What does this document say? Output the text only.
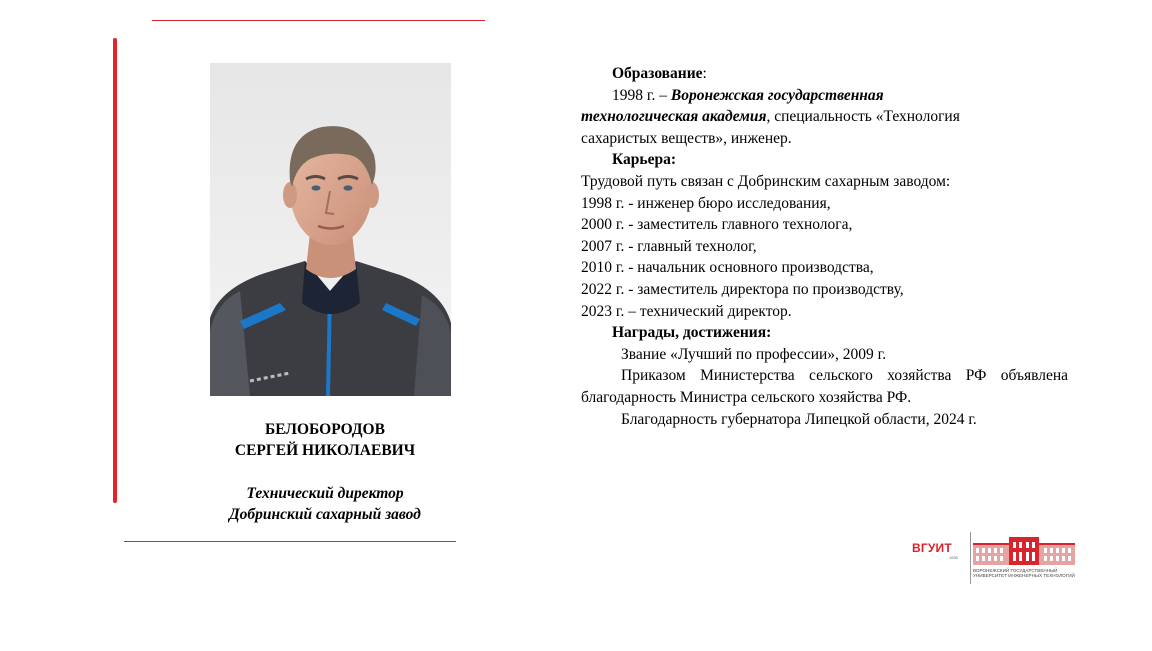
БЕЛОБОРОДОВ
СЕРГЕЙ НИКОЛАЕВИЧ
Технический директор
Добринский сахарный завод

Образование:

1998 г. – Воронежская государственная

технологическая академия, специальность «Технология

сахаристых веществ», инженер.

Карьера:

Трудовой путь связан с Добринским сахарным заводом:

1998 г. - инженер бюро исследования,

2000 г. - заместитель главного технолога,

2007 г. - главный технолог,

2010 г. - начальник основного производства,

2022 г. - заместитель директора по производству,

2023 г. – технический директор.

Награды, достижения:

Звание «Лучший по профессии», 2009 г.

Приказом Министерства сельского хозяйства РФ объявлена благодарность Министра сельского хозяйства РФ.

Благодарность губернатора Липецкой области, 2024 г.

ВГУИТ
1930
ВОРОНЕЖСКИЙ ГОСУДАРСТВЕННЫЙ УНИВЕРСИТЕТ ИНЖЕНЕРНЫХ ТЕХНОЛОГИЙ
